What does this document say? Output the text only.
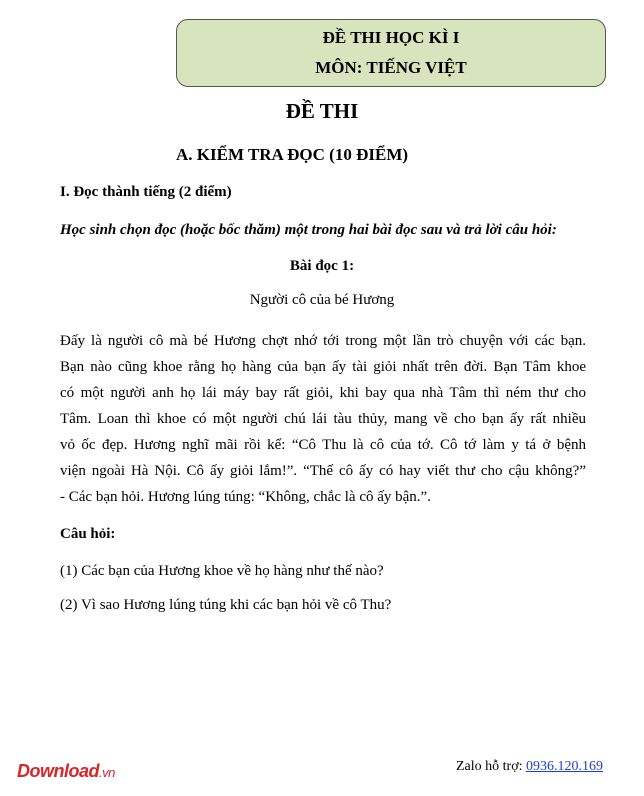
ĐỀ THI HỌC KÌ I
MÔN: TIẾNG VIỆT
ĐỀ THI
A. KIỂM TRA ĐỌC (10 ĐIỂM)
I. Đọc thành tiếng (2 điểm)
Học sinh chọn đọc (hoặc bốc thăm) một trong hai bài đọc sau và trả lời câu hỏi:
Bài đọc 1:
Người cô của bé Hương
Đấy là người cô mà bé Hương chợt nhớ tới trong một lần trò chuyện với các bạn.
Bạn nào cũng khoe rằng họ hàng của bạn ấy tài giỏi nhất trên đời. Bạn Tâm khoe
có một người anh họ lái máy bay rất giỏi, khi bay qua nhà Tâm thì ném thư cho
Tâm. Loan thì khoe có một người chú lái tàu thủy, mang về cho bạn ấy rất nhiều
vỏ ốc đẹp. Hương nghĩ mãi rồi kể: “Cô Thu là cô của tớ. Cô tớ làm y tá ở bệnh
viện ngoài Hà Nội. Cô ấy giỏi lắm!”. “Thế cô ấy có hay viết thư cho cậu không?”
- Các bạn hỏi. Hương lúng túng: “Không, chắc là cô ấy bận.”.
Câu hỏi:
(1) Các bạn của Hương khoe về họ hàng như thế nào?
(2) Vì sao Hương lúng túng khi các bạn hỏi về cô Thu?
Download.vn	Zalo hỗ trợ: 0936.120.169
